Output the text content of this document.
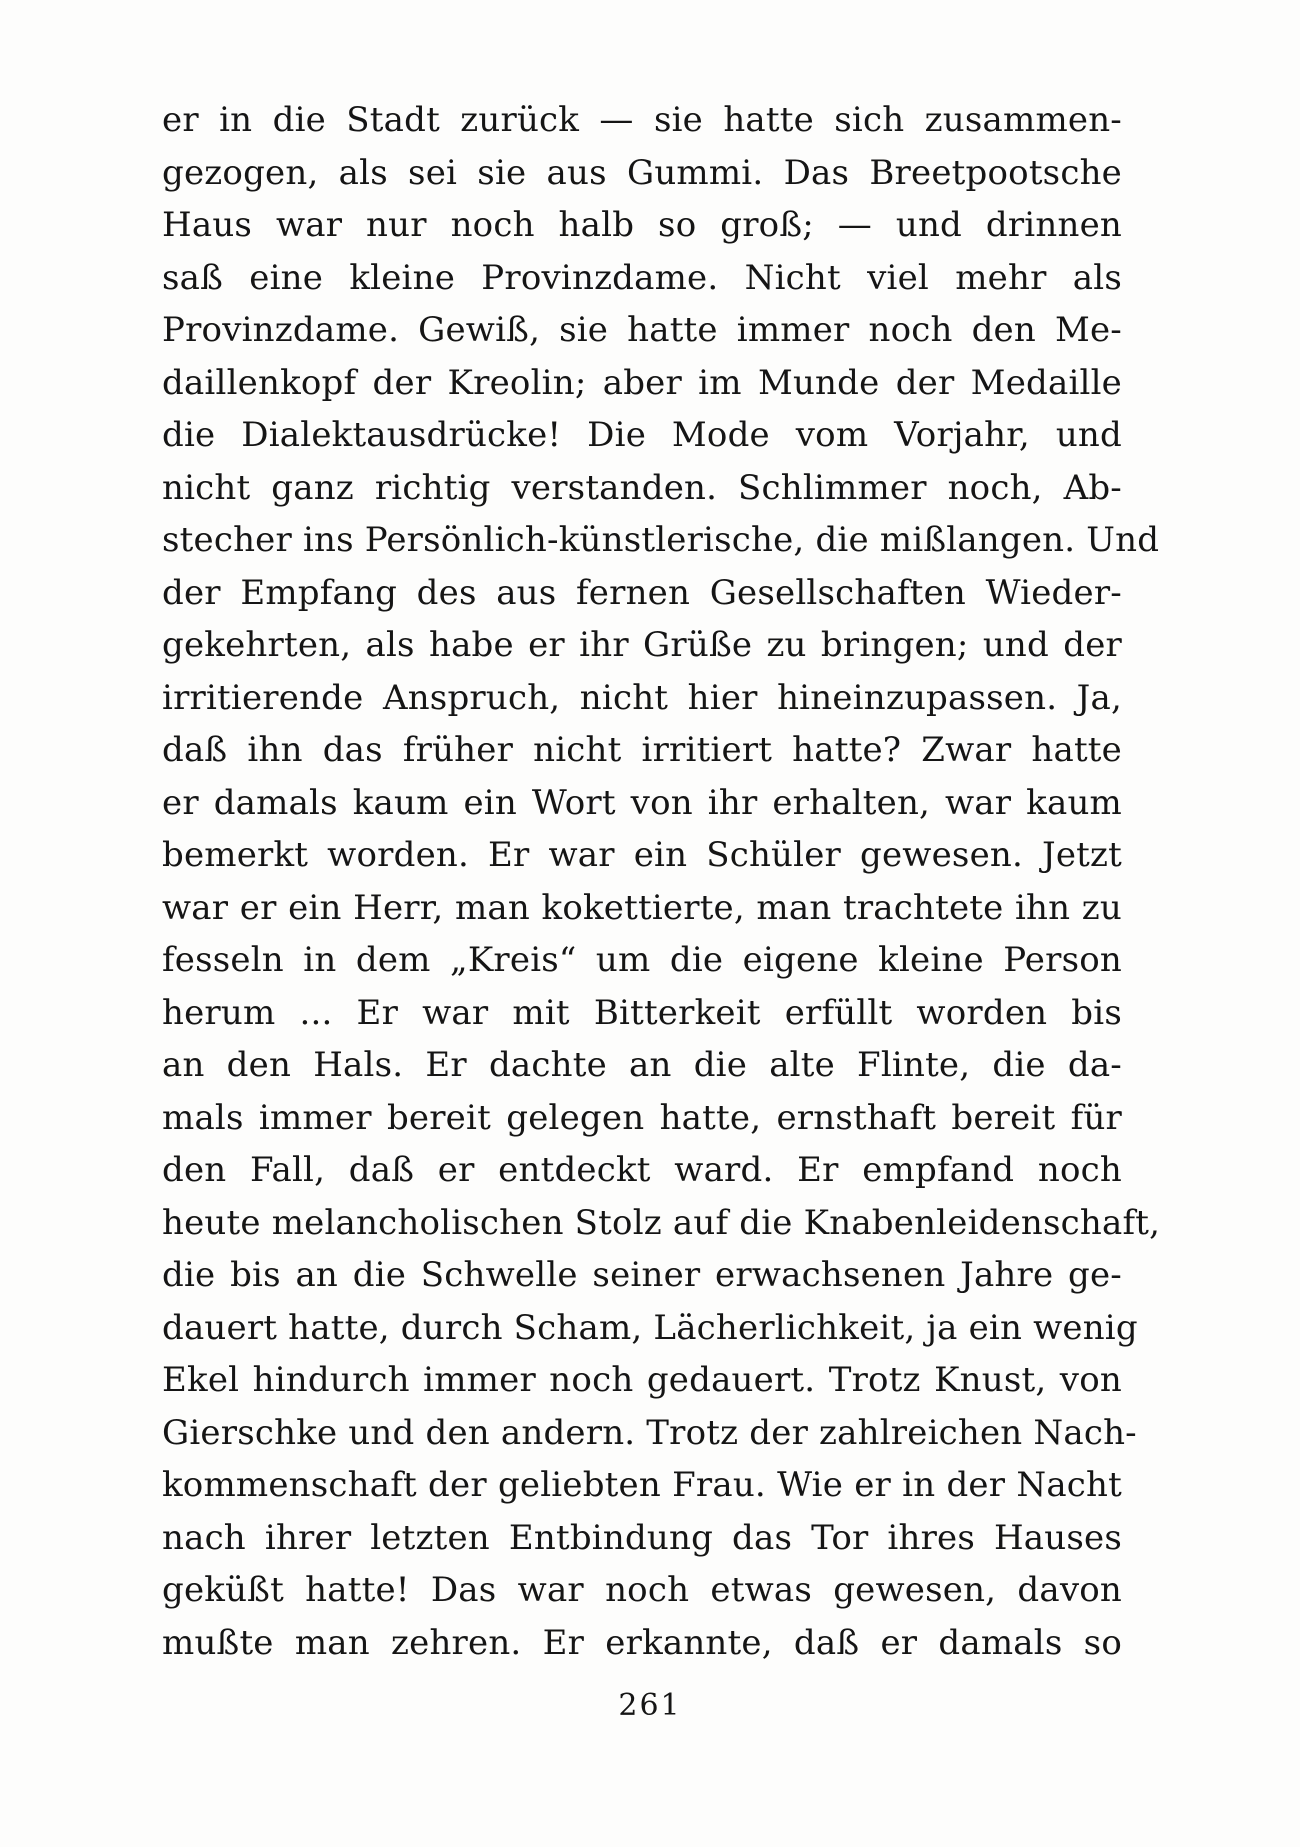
er in die Stadt zurück — sie hatte sich zusammen-
gezogen, als sei sie aus Gummi. Das Breetpootsche
Haus war nur noch halb so groß; — und drinnen
saß eine kleine Provinzdame. Nicht viel mehr als
Provinzdame. Gewiß, sie hatte immer noch den Me-
daillenkopf der Kreolin; aber im Munde der Medaille
die Dialektausdrücke! Die Mode vom Vorjahr, und
nicht ganz richtig verstanden. Schlimmer noch, Ab-
stecher ins Persönlich-künstlerische, die mißlangen. Und
der Empfang des aus fernen Gesellschaften Wieder-
gekehrten, als habe er ihr Grüße zu bringen; und der
irritierende Anspruch, nicht hier hineinzupassen. Ja,
daß ihn das früher nicht irritiert hatte? Zwar hatte
er damals kaum ein Wort von ihr erhalten, war kaum
bemerkt worden. Er war ein Schüler gewesen. Jetzt
war er ein Herr, man kokettierte, man trachtete ihn zu
fesseln in dem „Kreis“ um die eigene kleine Person
herum ... Er war mit Bitterkeit erfüllt worden bis
an den Hals. Er dachte an die alte Flinte, die da-
mals immer bereit gelegen hatte, ernsthaft bereit für
den Fall, daß er entdeckt ward. Er empfand noch
heute melancholischen Stolz auf die Knabenleidenschaft,
die bis an die Schwelle seiner erwachsenen Jahre ge-
dauert hatte, durch Scham, Lächerlichkeit, ja ein wenig
Ekel hindurch immer noch gedauert. Trotz Knust, von
Gierschke und den andern. Trotz der zahlreichen Nach-
kommenschaft der geliebten Frau. Wie er in der Nacht
nach ihrer letzten Entbindung das Tor ihres Hauses
geküßt hatte! Das war noch etwas gewesen, davon
mußte man zehren. Er erkannte, daß er damals so
261
